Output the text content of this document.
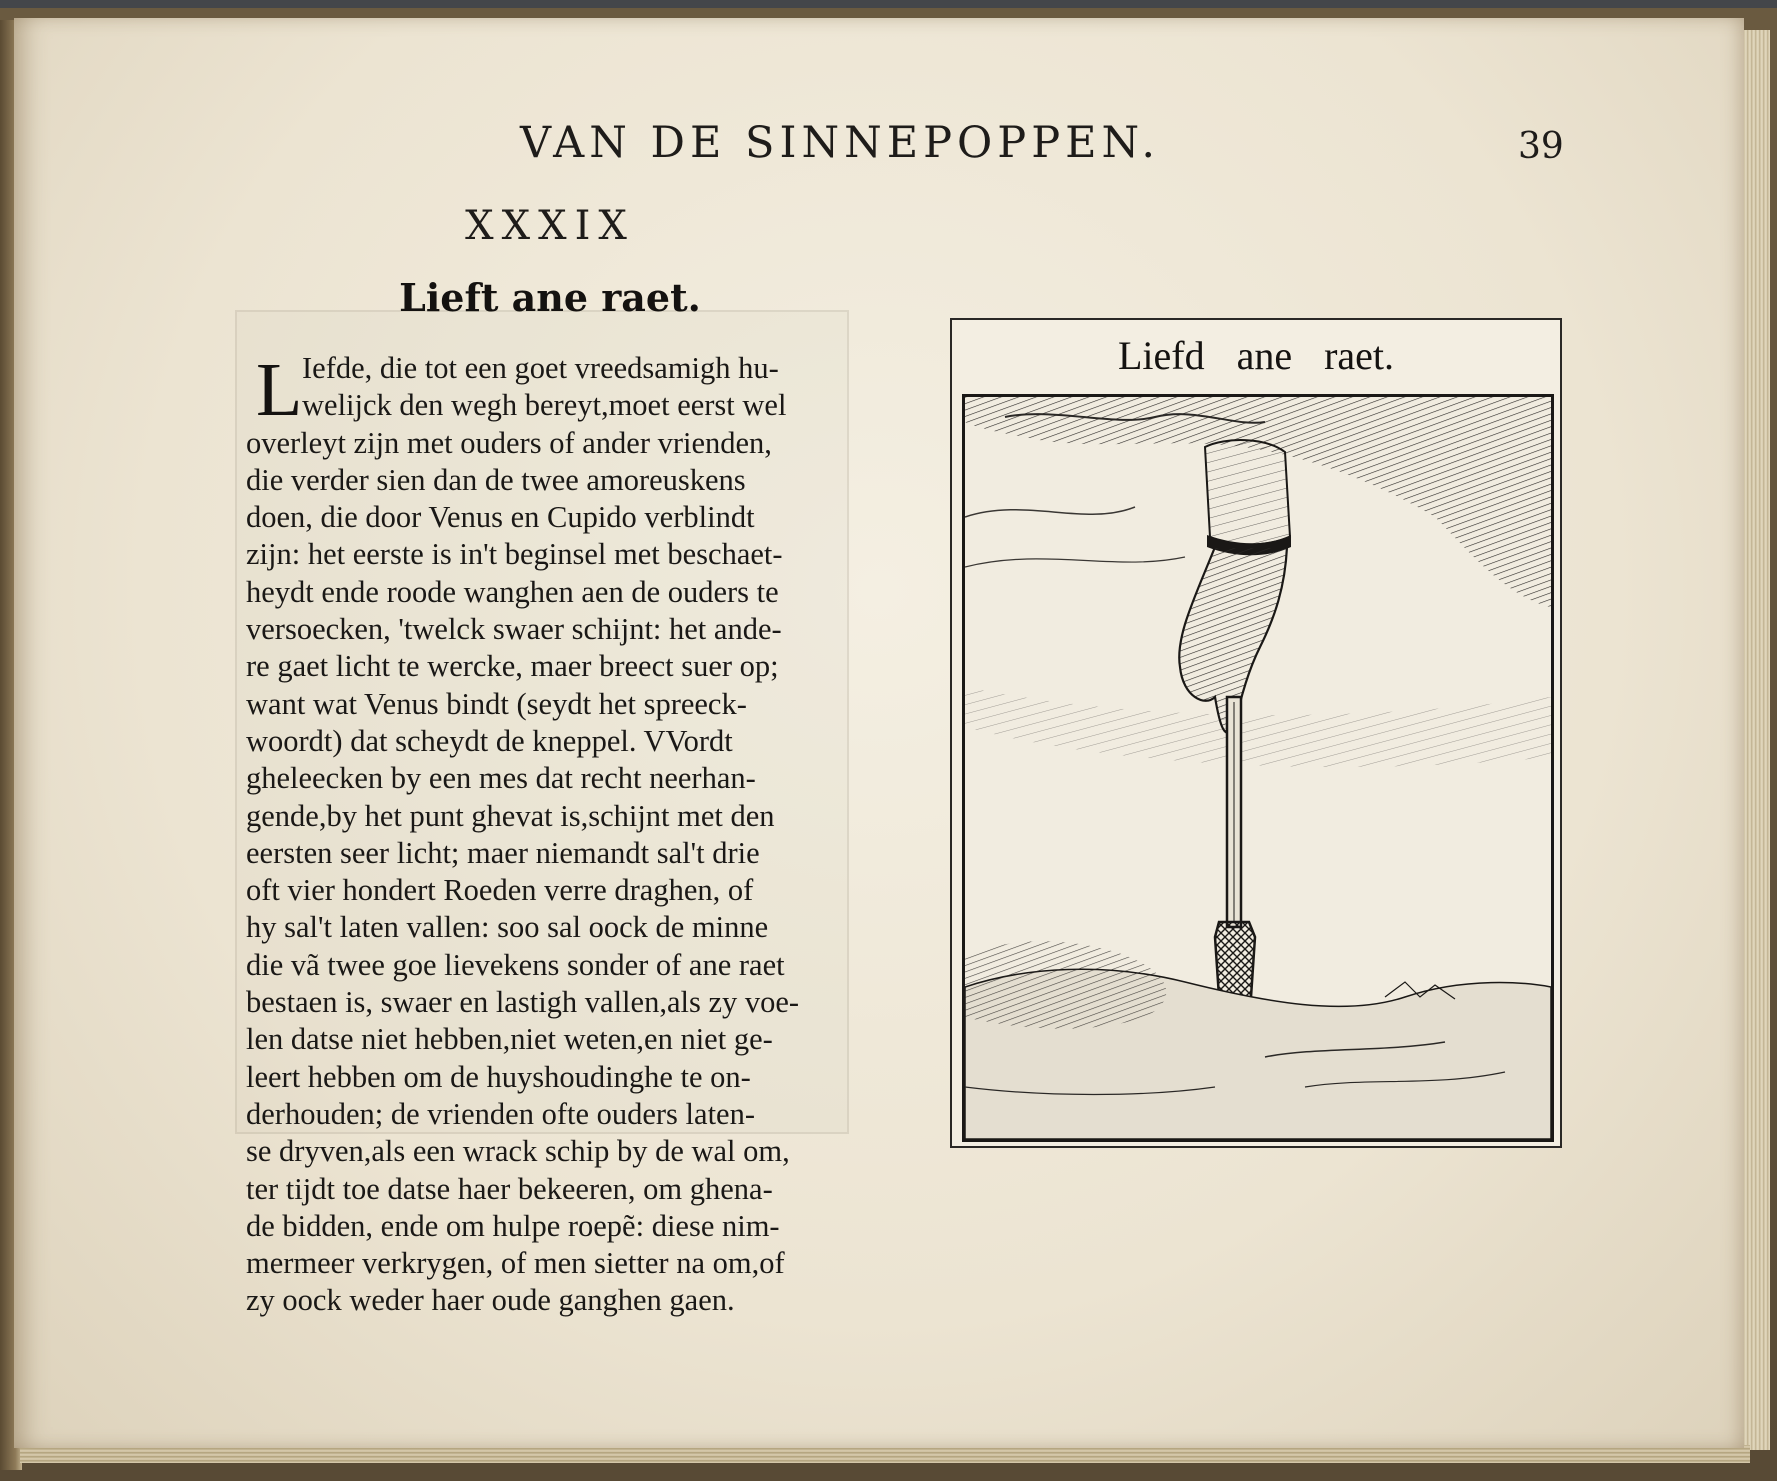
VAN DE SINNEPOPPEN.	39
XXXIX
Lieft ane raet.
L Iefde, die tot een goet vreedsamigh hu-
welijck den wegh bereyt,moet eerst wel
overleyt zijn met ouders of ander vrienden,
die verder sien dan de twee amoreuskens
doen, die door Venus en Cupido verblindt
zijn: het eerste is in't beginsel met beschaet-
heydt ende roode wanghen aen de ouders te
versoecken, 'twelck swaer schijnt: het ande-
re gaet licht te wercke, maer breect suer op;
want wat Venus bindt (seydt het spreeck-
woordt) dat scheydt de kneppel. VVordt
gheleecken by een mes dat recht neerhan-
gende,by het punt ghevat is,schijnt met den
eersten seer licht; maer niemandt sal't drie
oft vier hondert Roeden verre draghen, of
hy sal't laten vallen: soo sal oock de minne
die vã twee goe lievekens sonder of ane raet
bestaen is, swaer en lastigh vallen,als zy voe-
len datse niet hebben,niet weten,en niet ge-
leert hebben om de huyshoudinghe te on-
derhouden; de vrienden ofte ouders laten-
se dryven,als een wrack schip by de wal om,
ter tijdt toe datse haer bekeeren, om ghena-
de bidden, ende om hulpe roepẽ: diese nim-
mermeer verkrygen, of men sietter na om,of
zy oock weder haer oude ganghen gaen.
Liefd ane raet.
